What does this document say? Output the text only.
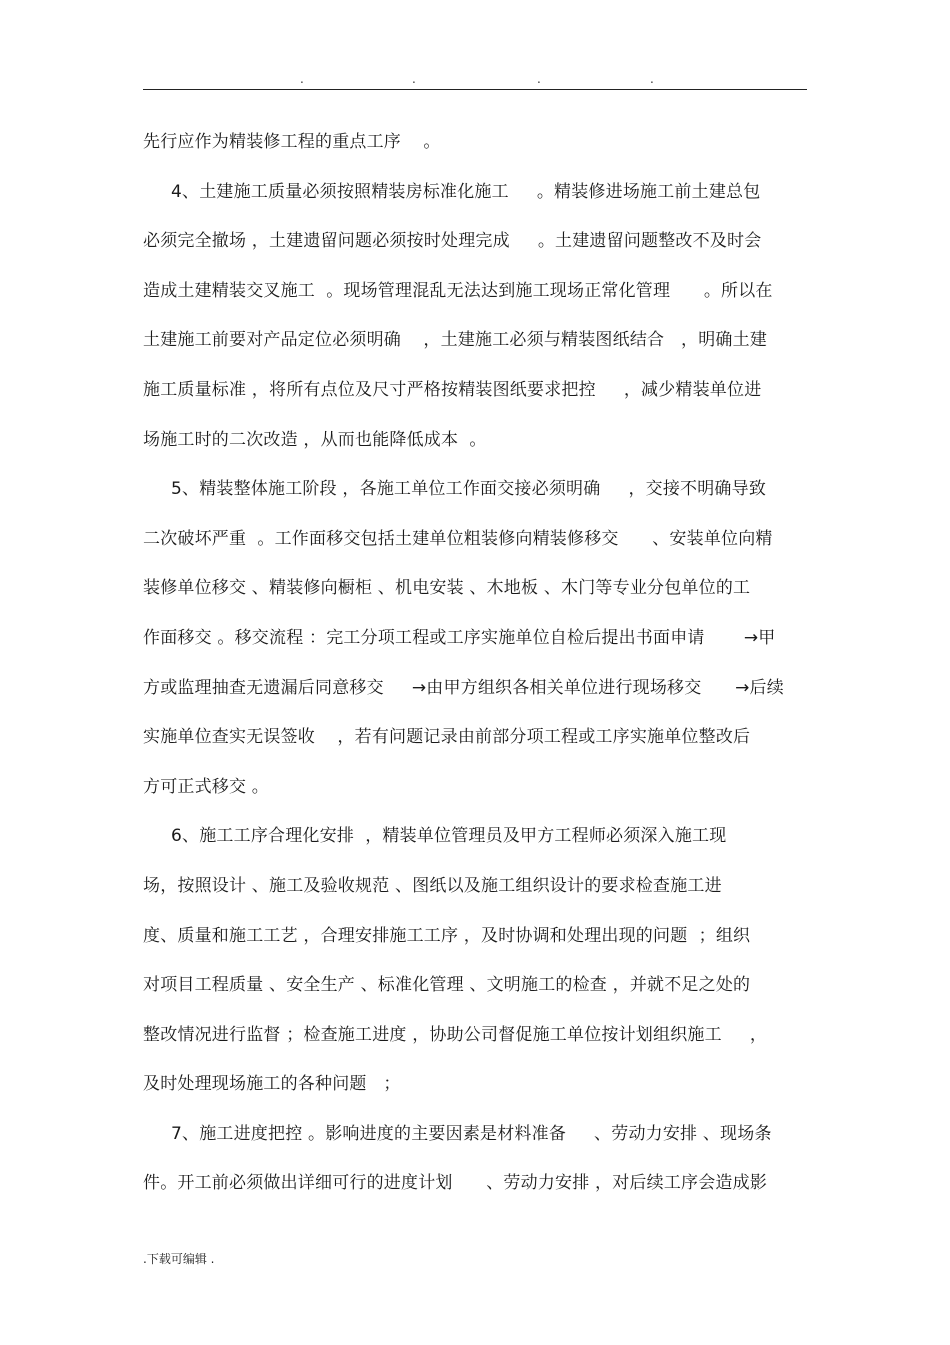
.	.	.	.
先行应作为精装修工程的重点工序    。
4、土建施工质量必须按照精装房标准化施工     。精装修进场施工前土建总包
必须完全撤场 ，土建遗留问题必须按时处理完成     。土建遗留问题整改不及时会
造成土建精装交叉施工  。现场管理混乱无法达到施工现场正常化管理      。所以在
土建施工前要对产品定位必须明确    ，土建施工必须与精装图纸结合   ，明确土建
施工质量标准 ，将所有点位及尺寸严格按精装图纸要求把控     ，减少精装单位进
场施工时的二次改造 ，从而也能降低成本  。
5、精装整体施工阶段 ，各施工单位工作面交接必须明确     ，交接不明确导致
二次破坏严重  。工作面移交包括土建单位粗装修向精装修移交      、安装单位向精
装修单位移交 、精装修向橱柜 、机电安装 、木地板 、木门等专业分包单位的工
作面移交 。移交流程 ：完工分项工程或工序实施单位自检后提出书面申请       →甲
方或监理抽查无遗漏后同意移交     →由甲方组织各相关单位进行现场移交      →后续
实施单位查实无误签收    ，若有问题记录由前部分项工程或工序实施单位整改后
方可正式移交 。
6、施工工序合理化安排  ，精装单位管理员及甲方工程师必须深入施工现
场，按照设计 、施工及验收规范 、图纸以及施工组织设计的要求检查施工进
度、质量和施工工艺 ，合理安排施工工序 ，及时协调和处理出现的问题  ；组织
对项目工程质量 、安全生产 、标准化管理 、文明施工的检查 ，并就不足之处的
整改情况进行监督 ；检查施工进度 ，协助公司督促施工单位按计划组织施工     ，
及时处理现场施工的各种问题   ；
7、施工进度把控 。影响进度的主要因素是材料准备     、劳动力安排 、现场条
件。开工前必须做出详细可行的进度计划      、劳动力安排 ，对后续工序会造成影
.下载可编辑 .
